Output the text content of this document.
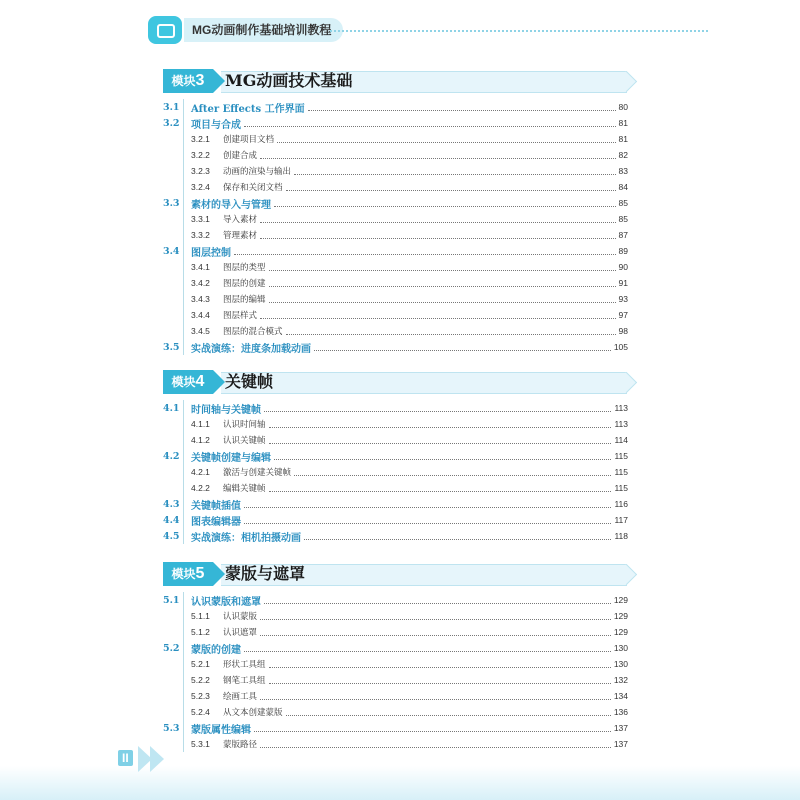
MG动画制作基础培训教程
模块3	MG动画技术基础
3.1	After Effects 工作界面	80
3.2	项目与合成	81
3.2.1	创建项目文档	81
3.2.2	创建合成	82
3.2.3	动画的渲染与输出	83
3.2.4	保存和关闭文档	84
3.3	素材的导入与管理	85
3.3.1	导入素材	85
3.3.2	管理素材	87
3.4	图层控制	89
3.4.1	图层的类型	90
3.4.2	图层的创建	91
3.4.3	图层的编辑	93
3.4.4	图层样式	97
3.4.5	图层的混合模式	98
3.5	实战演练：进度条加载动画	105
模块4	关键帧
4.1	时间轴与关键帧	113
4.1.1	认识时间轴	113
4.1.2	认识关键帧	114
4.2	关键帧创建与编辑	115
4.2.1	激活与创建关键帧	115
4.2.2	编辑关键帧	115
4.3	关键帧插值	116
4.4	图表编辑器	117
4.5	实战演练：相机拍摄动画	118
模块5	蒙版与遮罩
5.1	认识蒙版和遮罩	129
5.1.1	认识蒙版	129
5.1.2	认识遮罩	129
5.2	蒙版的创建	130
5.2.1	形状工具组	130
5.2.2	钢笔工具组	132
5.2.3	绘画工具	134
5.2.4	从文本创建蒙版	136
5.3	蒙版属性编辑	137
5.3.1	蒙版路径	137
II
